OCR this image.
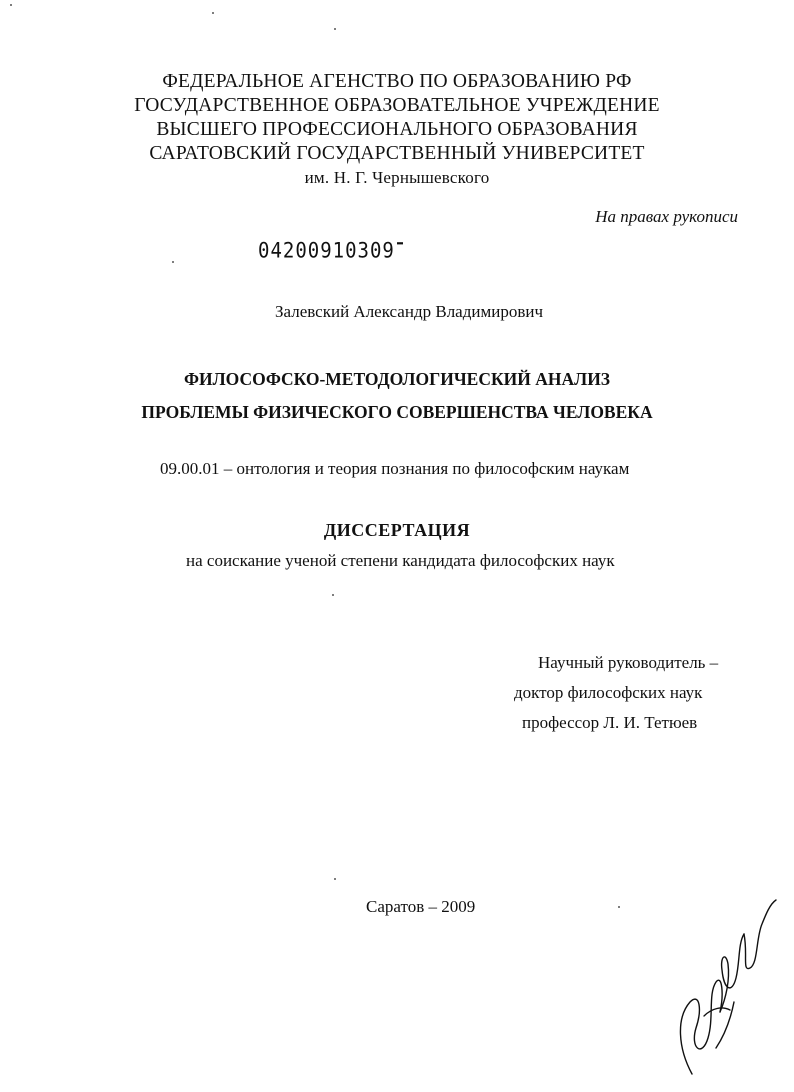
ФЕДЕРАЛЬНОЕ АГЕНСТВО ПО ОБРАЗОВАНИЮ РФ
ГОСУДАРСТВЕННОЕ ОБРАЗОВАТЕЛЬНОЕ УЧРЕЖДЕНИЕ
ВЫСШЕГО ПРОФЕССИОНАЛЬНОГО ОБРАЗОВАНИЯ
САРАТОВСКИЙ ГОСУДАРСТВЕННЫЙ УНИВЕРСИТЕТ
им. Н. Г. Чернышевского
На правах рукописи
04200910309
Залевский Александр Владимирович
ФИЛОСОФСКО-МЕТОДОЛОГИЧЕСКИЙ АНАЛИЗ
ПРОБЛЕМЫ ФИЗИЧЕСКОГО СОВЕРШЕНСТВА ЧЕЛОВЕКА
09.00.01 – онтология и теория познания по философским наукам
ДИССЕРТАЦИЯ
на соискание ученой степени кандидата философских наук
Научный руководитель –
доктор философских наук
профессор Л. И. Тетюев
Саратов – 2009
